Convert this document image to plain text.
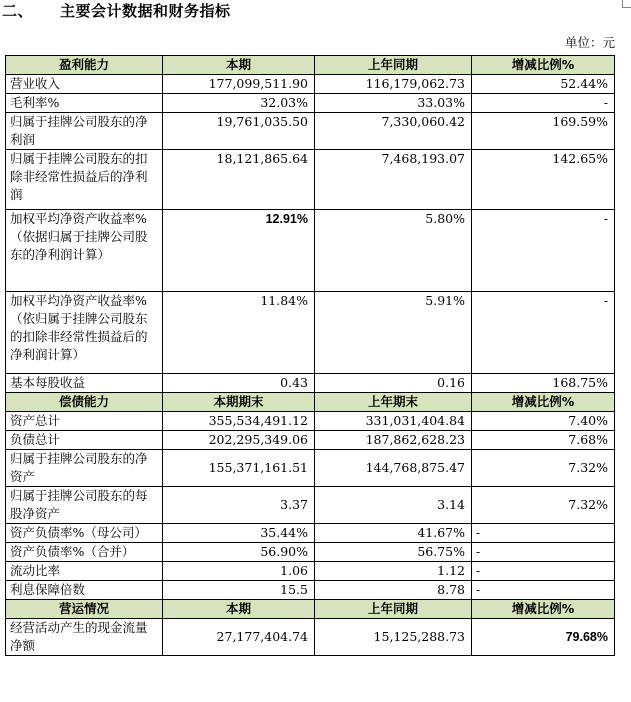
二、 主要会计数据和财务指标
单位：元
盈利能力	本期	上年同期	增减比例%
营业收入	177,099,511.90	116,179,062.73	52.44%
毛利率%	32.03%	33.03%	-
归属于挂牌公司股东的净利润	19,761,035.50	7,330,060.42	169.59%
归属于挂牌公司股东的扣除非经常性损益后的净利润	18,121,865.64	7,468,193.07	142.65%
加权平均净资产收益率%（依据归属于挂牌公司股东的净利润计算）	12.91%	5.80%	-
加权平均净资产收益率%（依归属于挂牌公司股东的扣除非经常性损益后的净利润计算）	11.84%	5.91%	-
基本每股收益	0.43	0.16	168.75%
偿债能力	本期期末	上年期末	增减比例%
资产总计	355,534,491.12	331,031,404.84	7.40%
负债总计	202,295,349.06	187,862,628.23	7.68%
归属于挂牌公司股东的净资产	155,371,161.51	144,768,875.47	7.32%
归属于挂牌公司股东的每股净资产	3.37	3.14	7.32%
资产负债率%（母公司）	35.44%	41.67%	-
资产负债率%（合并）	56.90%	56.75%	-
流动比率	1.06	1.12	-
利息保障倍数	15.5	8.78	-
营运情况	本期	上年同期	增减比例%
经营活动产生的现金流量净额	27,177,404.74	15,125,288.73	79.68%
